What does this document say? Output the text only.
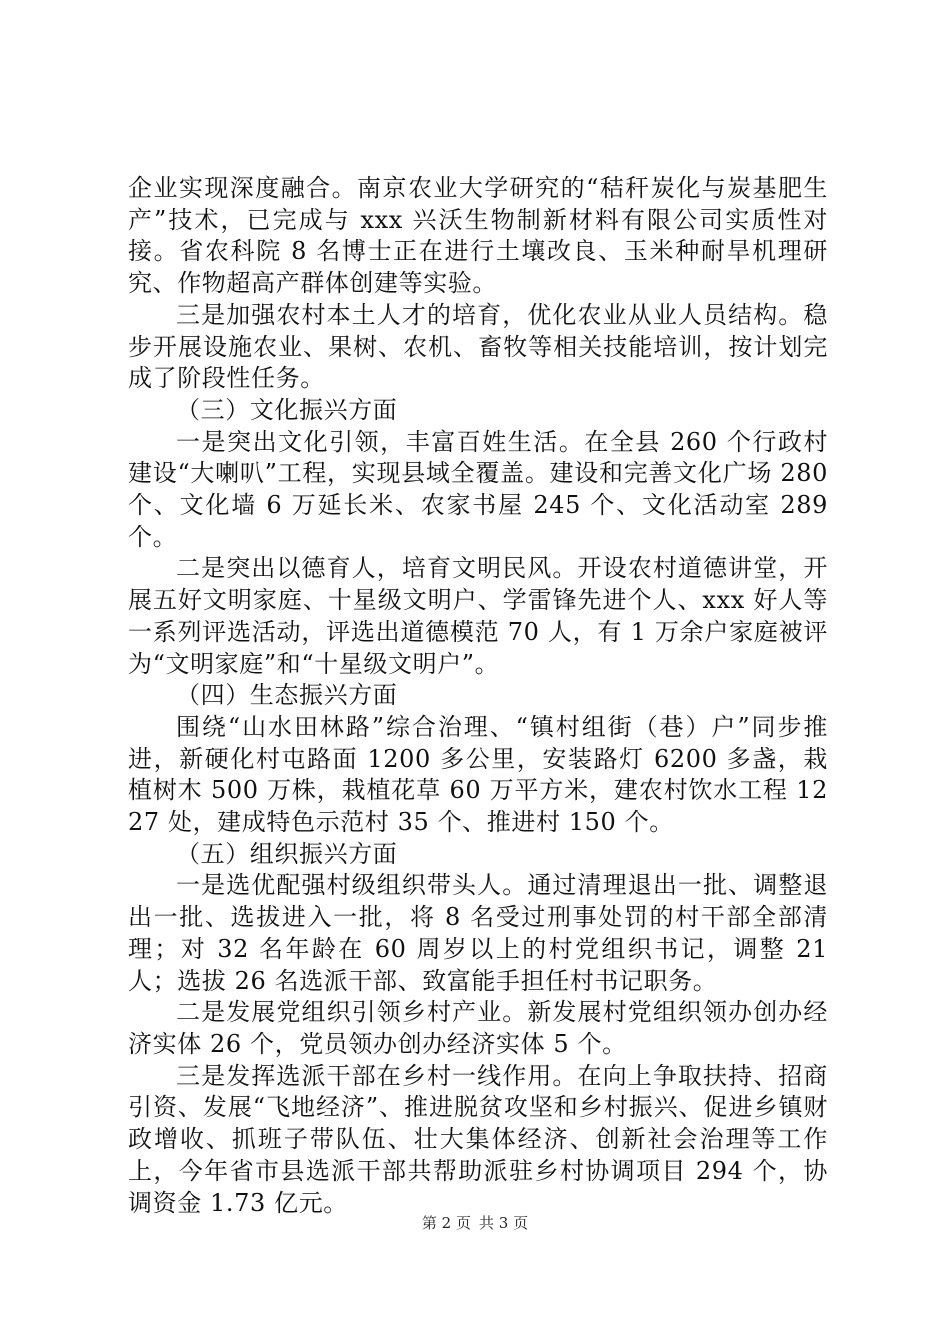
企业实现深度融合。南京农业大学研究的“秸秆炭化与炭基肥生产”技术，已完成与 xxx 兴沃生物制新材料有限公司实质性对接。省农科院 8 名博士正在进行土壤改良、玉米种耐旱机理研究、作物超高产群体创建等实验。

三是加强农村本土人才的培育，优化农业从业人员结构。稳步开展设施农业、果树、农机、畜牧等相关技能培训，按计划完成了阶段性任务。

（三）文化振兴方面

一是突出文化引领，丰富百姓生活。在全县 260 个行政村建设“大喇叭”工程，实现县域全覆盖。建设和完善文化广场 280 个、文化墙 6 万延长米、农家书屋 245 个、文化活动室 289 个。

二是突出以德育人，培育文明民风。开设农村道德讲堂，开展五好文明家庭、十星级文明户、学雷锋先进个人、xxx 好人等一系列评选活动，评选出道德模范 70 人，有 1 万余户家庭被评为“文明家庭”和“十星级文明户”。

（四）生态振兴方面

围绕“山水田林路”综合治理、“镇村组街（巷）户”同步推进，新硬化村屯路面 1200 多公里，安装路灯 6200 多盏，栽植树木 500 万株，栽植花草 60 万平方米，建农村饮水工程 1227 处，建成特色示范村 35 个、推进村 150 个。

（五）组织振兴方面

一是选优配强村级组织带头人。通过清理退出一批、调整退出一批、选拔进入一批，将 8 名受过刑事处罚的村干部全部清理；对 32 名年龄在 60 周岁以上的村党组织书记，调整 21 人；选拔 26 名选派干部、致富能手担任村书记职务。

二是发展党组织引领乡村产业。新发展村党组织领办创办经济实体 26 个，党员领办创办经济实体 5 个。

三是发挥选派干部在乡村一线作用。在向上争取扶持、招商引资、发展“飞地经济”、推进脱贫攻坚和乡村振兴、促进乡镇财政增收、抓班子带队伍、壮大集体经济、创新社会治理等工作上，今年省市县选派干部共帮助派驻乡村协调项目 294 个，协调资金 1.73 亿元。

第 2 页 共 3 页
